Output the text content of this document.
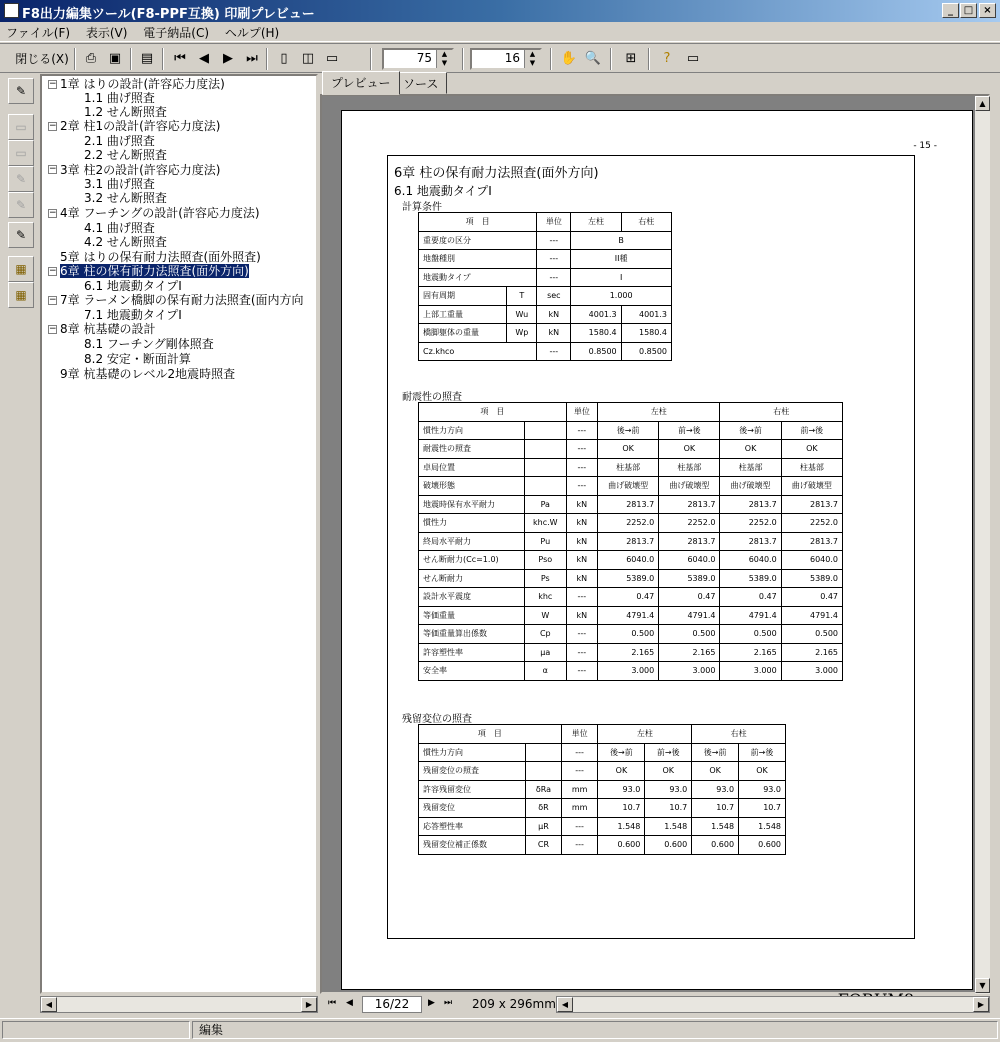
F8出力編集ツール(F8-PPF互換) 印刷プレビュー	_	□	×
ファイル(F) 表示(V) 電子納品(C) ヘルプ(H)
閉じる(X)	⎙ ▣	▤	⏮	◀	▶	⏭	▯	◫ ▭	75	▲
▼	16	▲
▼	✋ 🔍	⊞	?	▭
✎
▭
▭
✎
✎
✎
▦
▦
− 1章 はりの設計(許容応力度法)
1.1 曲げ照査
1.2 せん断照査
− 2章 柱1の設計(許容応力度法)
2.1 曲げ照査
2.2 せん断照査
− 3章 柱2の設計(許容応力度法)
3.1 曲げ照査
3.2 せん断照査
− 4章 フーチングの設計(許容応力度法)
4.1 曲げ照査
4.2 せん断照査
5章 はりの保有耐力法照査(面外照査)
− 6章 柱の保有耐力法照査(面外方向)
6.1 地震動タイプI
− 7章 ラーメン橋脚の保有耐力法照査(面内方向
7.1 地震動タイプI
− 8章 杭基礎の設計
8.1 フーチング剛体照査
8.2 安定・断面計算
9章 杭基礎のレベル2地震時照査
◀	▶
プレビュー	ソース
- 15 -
6章 柱の保有耐力法照査(面外方向)
6.1 地震動タイプI
計算条件
項　目		単位	左柱	右柱
重要度の区分		---	B	
地盤種別		---	II種	
地震動タイプ		---	I	
固有周期	T	sec	1.000	
上部工重量	Wu	kN	4001.3	4001.3
橋脚躯体の重量	Wp	kN	1580.4	1580.4
Cz.khco		---	0.8500	0.8500
耐震性の照査
項　目		単位	左柱		右柱	
慣性力方向		---	後→前	前→後	後→前	前→後
耐震性の照査		---	OK	OK	OK	OK
卓局位置		---	柱基部	柱基部	柱基部	柱基部
破壊形態		---	曲げ破壊型	曲げ破壊型	曲げ破壊型	曲げ破壊型
地震時保有水平耐力	Pa	kN	2813.7	2813.7	2813.7	2813.7
慣性力	khc.W	kN	2252.0	2252.0	2252.0	2252.0
終局水平耐力	Pu	kN	2813.7	2813.7	2813.7	2813.7
せん断耐力(Cc=1.0)	Pso	kN	6040.0	6040.0	6040.0	6040.0
せん断耐力	Ps	kN	5389.0	5389.0	5389.0	5389.0
設計水平震度	khc	---	0.47	0.47	0.47	0.47
等価重量	W	kN	4791.4	4791.4	4791.4	4791.4
等価重量算出係数	Cp	---	0.500	0.500	0.500	0.500
許容塑性率	μa	---	2.165	2.165	2.165	2.165
安全率	α	---	3.000	3.000	3.000	3.000
残留変位の照査
項　目		単位	左柱		右柱	
慣性力方向		---	後→前	前→後	後→前	前→後
残留変位の照査		---	OK	OK	OK	OK
許容残留変位	δRa	mm	93.0	93.0	93.0	93.0
残留変位	δR	mm	10.7	10.7	10.7	10.7
応答塑性率	μR	---	1.548	1.548	1.548	1.548
残留変位補正係数	CR	---	0.600	0.600	0.600	0.600
▲
▼
⏮ ◀	16/22	▶ ⏭ 209 x 296mm ◀	▶
編集
